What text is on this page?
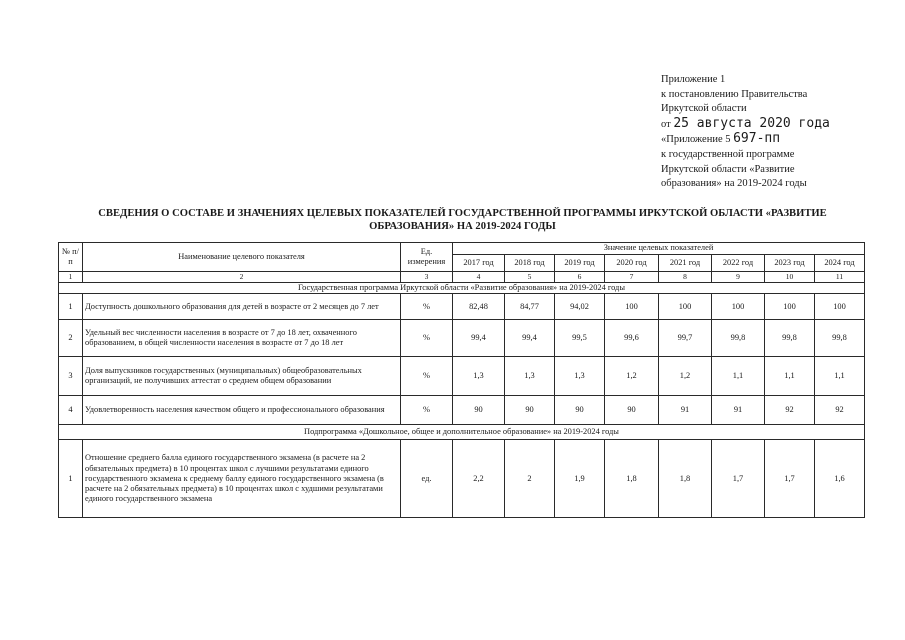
Приложение 1
к постановлению Правительства
Иркутской области
от 25 августа 2020 года
«Приложение 5 697-пп
к государственной программе
Иркутской области «Развитие
образования» на 2019-2024 годы
СВЕДЕНИЯ О СОСТАВЕ И ЗНАЧЕНИЯХ ЦЕЛЕВЫХ ПОКАЗАТЕЛЕЙ ГОСУДАРСТВЕННОЙ ПРОГРАММЫ ИРКУТСКОЙ ОБЛАСТИ «РАЗВИТИЕ ОБРАЗОВАНИЯ» НА 2019-2024 ГОДЫ
№ п/п	Наименование целевого показателя	Ед. измерения	Значение целевых показателей							
			2017 год	2018 год	2019 год	2020 год	2021 год	2022 год	2023 год	2024 год
1	2	3	4	5	6	7	8	9	10	11
Государственная программа Иркутской области «Развитие образования» на 2019-2024 годы										
1	Доступность дошкольного образования для детей в возрасте от 2 месяцев до 7 лет	%	82,48	84,77	94,02	100	100	100	100	100
2	Удельный вес численности населения в возрасте от 7 до 18 лет, охваченного образованием, в общей численности населения в возрасте от 7 до 18 лет	%	99,4	99,4	99,5	99,6	99,7	99,8	99,8	99,8
3	Доля выпускников государственных (муниципальных) общеобразовательных организаций, не получивших аттестат о среднем общем образовании	%	1,3	1,3	1,3	1,2	1,2	1,1	1,1	1,1
4	Удовлетворенность населения качеством общего и профессионального образования	%	90	90	90	90	91	91	92	92
Подпрограмма «Дошкольное, общее и дополнительное образование» на 2019-2024 годы										
1	Отношение среднего балла единого государственного экзамена (в расчете на 2 обязательных предмета) в 10 процентах школ с лучшими результатами единого государственного экзамена к среднему баллу единого государственного экзамена (в расчете на 2 обязательных предмета) в 10 процентах школ с худшими результатами единого государственного экзамена	ед.	2,2	2	1,9	1,8	1,8	1,7	1,7	1,6
